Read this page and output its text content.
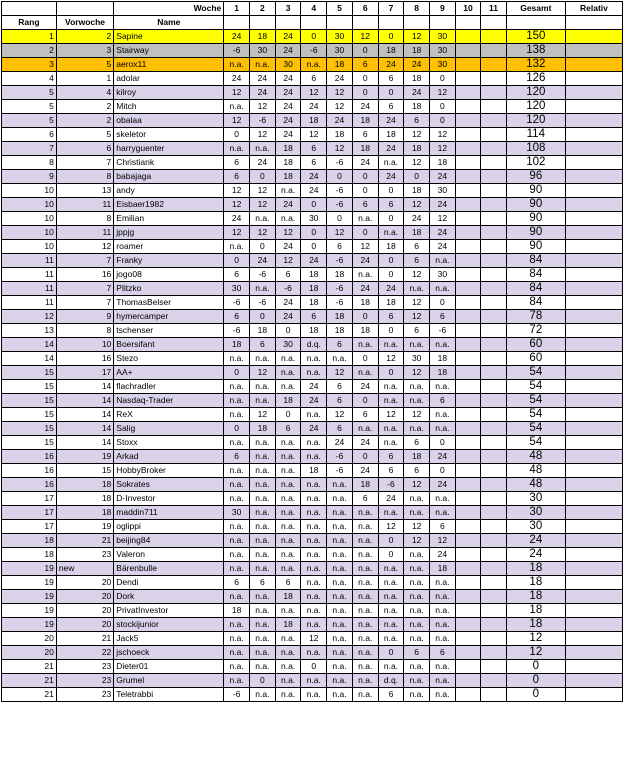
		Woche	1	2	3	4	5	6	7	8	9	10	11	Gesamt	Relativ
Rang	Vorwoche	Name													
1	2	Sapine	24	18	24	0	30	12	0	12	30			150	
2	3	Stairway	-6	30	24	-6	30	0	18	18	30			138	
3	5	aerox11	n.a.	n.a.	30	n.a.	18	6	24	24	30			132	
4	1	adolar	24	24	24	6	24	0	6	18	0			126	
5	4	kilroy	12	24	24	12	12	0	0	24	12			120	
5	2	Mitch	n.a.	12	24	24	12	24	6	18	0			120	
5	2	obalaa	12	-6	24	18	24	18	24	6	0			120	
6	5	skeletor	0	12	24	12	18	6	18	12	12			114	
7	6	harryguenter	n.a.	n.a.	18	6	12	18	24	18	12			108	
8	7	Christiank	6	24	18	6	-6	24	n.a.	12	18			102	
9	8	babajaga	6	0	18	24	0	0	24	0	24			96	
10	13	andy	12	12	n.a.	24	-6	0	0	18	30			90	
10	11	Eisbaer1982	12	12	24	0	-6	6	6	12	24			90	
10	8	Emilian	24	n.a.	n.a.	30	0	n.a.	0	24	12			90	
10	11	jppjg	12	12	12	0	12	0	n.a.	18	24			90	
10	12	roamer	n.a.	0	24	0	6	12	18	6	24			90	
11	7	Franky	0	24	12	24	-6	24	0	6	n.a.			84	
11	16	jogo08	6	-6	6	18	18	n.a.	0	12	30			84	
11	7	Plitzko	30	n.a.	-6	18	-6	24	24	n.a.	n.a.			84	
11	7	ThomasBelser	-6	-6	24	18	-6	18	18	12	0			84	
12	9	hymercamper	6	0	24	6	18	0	6	12	6			78	
13	8	tschenser	-6	18	0	18	18	18	0	6	-6			72	
14	10	Boersifant	18	6	30	d.q.	6	n.a.	n.a.	n.a.	n.a.			60	
14	16	Stezo	n.a.	n.a.	n.a.	n.a.	n.a.	0	12	30	18			60	
15	17	AA+	0	12	n.a.	n.a.	12	n.a.	0	12	18			54	
15	14	flachradler	n.a.	n.a.	n.a.	24	6	24	n.a.	n.a.	n.a.			54	
15	14	Nasdaq-Trader	n.a.	n.a.	18	24	6	0	n.a.	n.a.	6			54	
15	14	ReX	n.a.	12	0	n.a.	12	6	12	12	n.a.			54	
15	14	Salig	0	18	6	24	6	n.a.	n.a.	n.a.	n.a.			54	
15	14	Stoxx	n.a.	n.a.	n.a.	n.a.	24	24	n.a.	6	0			54	
16	19	Arkad	6	n.a.	n.a.	n.a.	-6	0	6	18	24			48	
16	15	HobbyBroker	n.a.	n.a.	n.a.	18	-6	24	6	6	0			48	
16	18	Sokrates	n.a.	n.a.	n.a.	n.a.	n.a.	18	-6	12	24			48	
17	18	D-Investor	n.a.	n.a.	n.a.	n.a.	n.a.	6	24	n.a.	n.a.			30	
17	18	maddin711	30	n.a.	n.a.	n.a.	n.a.	n.a.	n.a.	n.a.	n.a.			30	
17	19	oglippi	n.a.	n.a.	n.a.	n.a.	n.a.	n.a.	12	12	6			30	
18	21	beijing84	n.a.	n.a.	n.a.	n.a.	n.a.	n.a.	0	12	12			24	
18	23	Valeron	n.a.	n.a.	n.a.	n.a.	n.a.	n.a.	0	n.a.	24			24	
19	new	Bärenbulle	n.a.	n.a.	n.a.	n.a.	n.a.	n.a.	n.a.	n.a.	18			18	
19	20	Dendi	6	6	6	n.a.	n.a.	n.a.	n.a.	n.a.	n.a.			18	
19	20	Dork	n.a.	n.a.	18	n.a.	n.a.	n.a.	n.a.	n.a.	n.a.			18	
19	20	PrivatInvestor	18	n.a.	n.a.	n.a.	n.a.	n.a.	n.a.	n.a.	n.a.			18	
19	20	stockijunior	n.a.	n.a.	18	n.a.	n.a.	n.a.	n.a.	n.a.	n.a.			18	
20	21	Jack5	n.a.	n.a.	n.a.	12	n.a.	n.a.	n.a.	n.a.	n.a.			12	
20	22	jschoeck	n.a.	n.a.	n.a.	n.a.	n.a.	n.a.	0	6	6			12	
21	23	Dieter01	n.a.	n.a.	n.a.	0	n.a.	n.a.	n.a.	n.a.	n.a.			0	
21	23	Grumel	n.a.	0	n.a.	n.a.	n.a.	n.a.	d.q.	n.a.	n.a.			0	
21	23	Teletrabbi	-6	n.a.	n.a.	n.a.	n.a.	n.a.	6	n.a.	n.a.			0	
